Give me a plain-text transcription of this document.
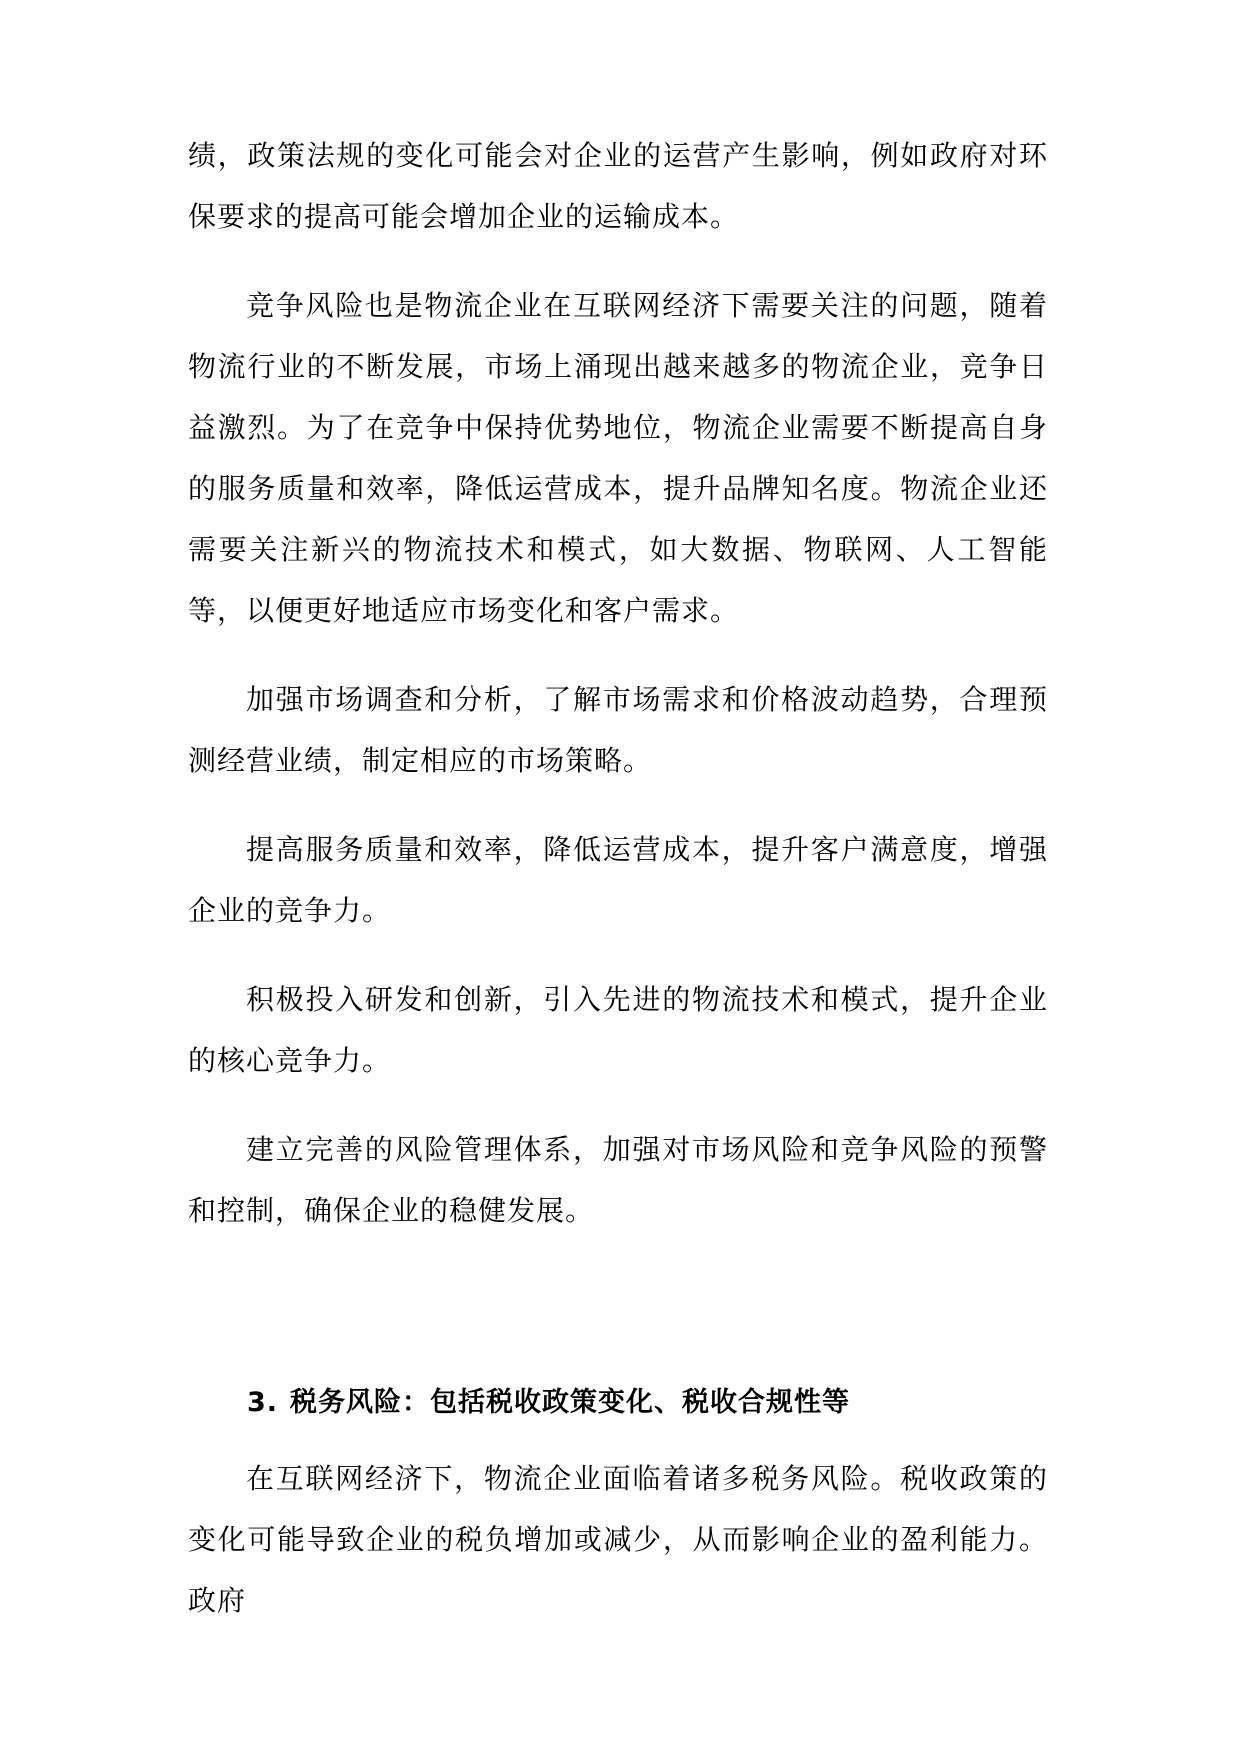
绩，政策法规的变化可能会对企业的运营产生影响，例如政府对环保要求的提高可能会增加企业的运输成本。

竞争风险也是物流企业在互联网经济下需要关注的问题，随着物流行业的不断发展，市场上涌现出越来越多的物流企业，竞争日益激烈。为了在竞争中保持优势地位，物流企业需要不断提高自身的服务质量和效率，降低运营成本，提升品牌知名度。物流企业还需要关注新兴的物流技术和模式，如大数据、物联网、人工智能等，以便更好地适应市场变化和客户需求。

加强市场调查和分析，了解市场需求和价格波动趋势，合理预测经营业绩，制定相应的市场策略。

提高服务质量和效率，降低运营成本，提升客户满意度，增强企业的竞争力。

积极投入研发和创新，引入先进的物流技术和模式，提升企业的核心竞争力。

建立完善的风险管理体系，加强对市场风险和竞争风险的预警和控制，确保企业的稳健发展。

3. 税务风险：包括税收政策变化、税收合规性等

在互联网经济下，物流企业面临着诸多税务风险。税收政策的变化可能导致企业的税负增加或减少，从而影响企业的盈利能力。政府
